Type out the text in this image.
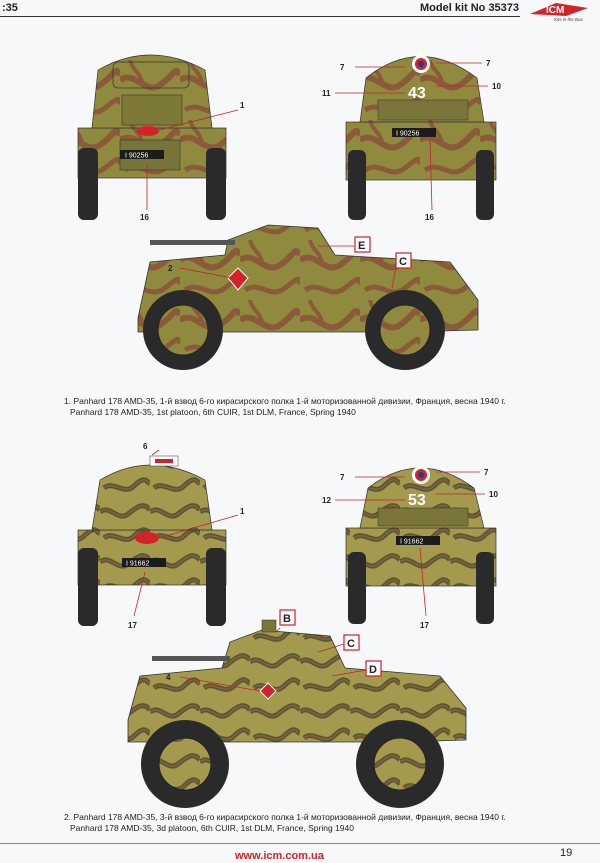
:35	Model kit No 35373	ICM
Kits in the Box
I 90256
1
16
43
I 90256
7	7
11
10
16
2
E
C
I 91662
6
1
17
53
I 91662
7
7
12
10
17
B
C
D
4
1. Panhard 178 AMD-35, 1-й взвод 6-го кирасирского полка 1-й моторизованной дивизии, Франция, весна 1940 г.
Panhard 178 AMD-35, 1st platoon, 6th CUIR, 1st DLM, France, Spring 1940
2. Panhard 178 AMD-35, 3-й взвод 6-го кирасирского полка 1-й моторизованной дивизии, Франция, весна 1940 г.
Panhard 178 AMD-35, 3d platoon, 6th CUIR, 1st DLM, France, Spring 1940
www.icm.com.ua	19
